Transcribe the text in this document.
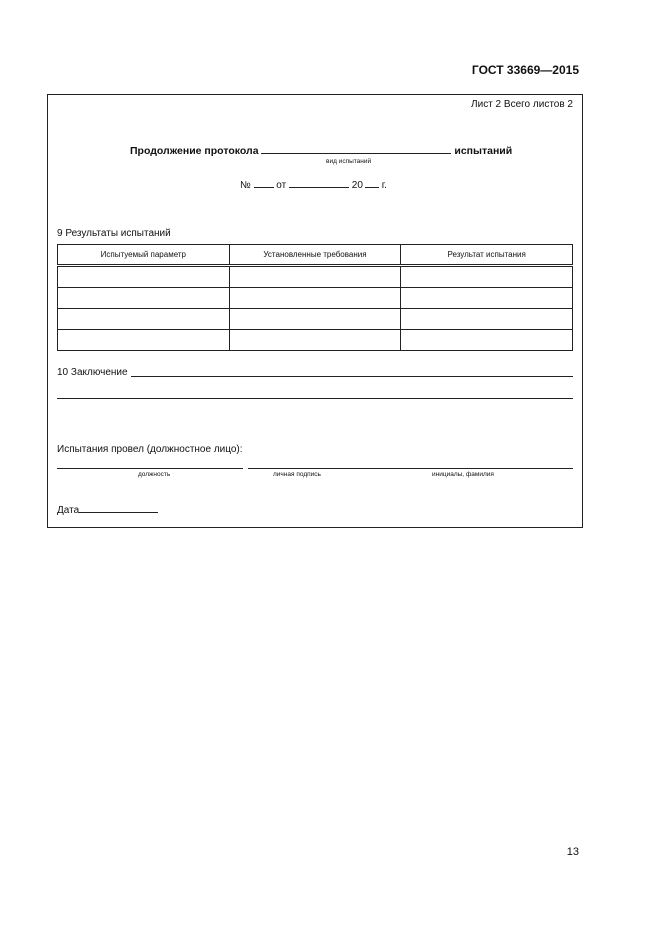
ГОСТ 33669—2015
Лист 2 Всего листов 2
Продолжение протокола	испытаний
вид испытаний
№	от	20 г.
9 Результаты испытаний
Испытуемый параметр	Установленные требования	Результат испытания

10 Заключение
Испытания провел (должностное лицо):
должность	личная подпись	инициалы, фамилия
Дата
13
